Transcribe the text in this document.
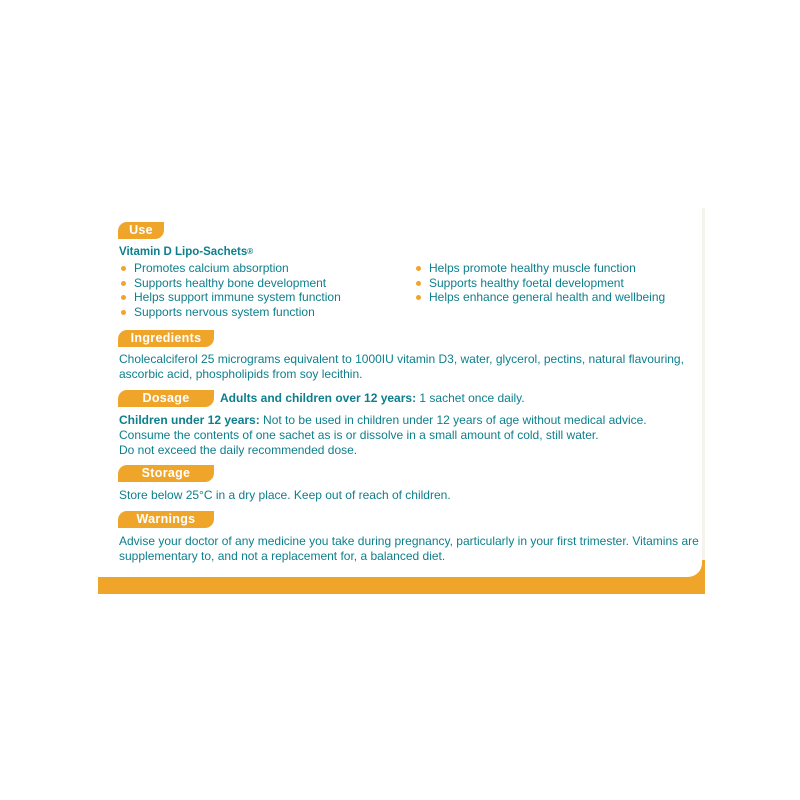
Use
Vitamin D Lipo-Sachets®
Promotes calcium absorption
Supports healthy bone development
Helps support immune system function
Supports nervous system function
Helps promote healthy muscle function
Supports healthy foetal development
Helps enhance general health and wellbeing
Ingredients
Cholecalciferol 25 micrograms equivalent to 1000IU vitamin D3, water, glycerol, pectins, natural flavouring,
ascorbic acid, phospholipids from soy lecithin.
Dosage	Adults and children over 12 years: 1 sachet once daily.
Children under 12 years: Not to be used in children under 12 years of age without medical advice.
Consume the contents of one sachet as is or dissolve in a small amount of cold, still water.
Do not exceed the daily recommended dose.
Storage
Store below 25°C in a dry place. Keep out of reach of children.
Warnings
Advise your doctor of any medicine you take during pregnancy, particularly in your first trimester. Vitamins are
supplementary to, and not a replacement for, a balanced diet.
